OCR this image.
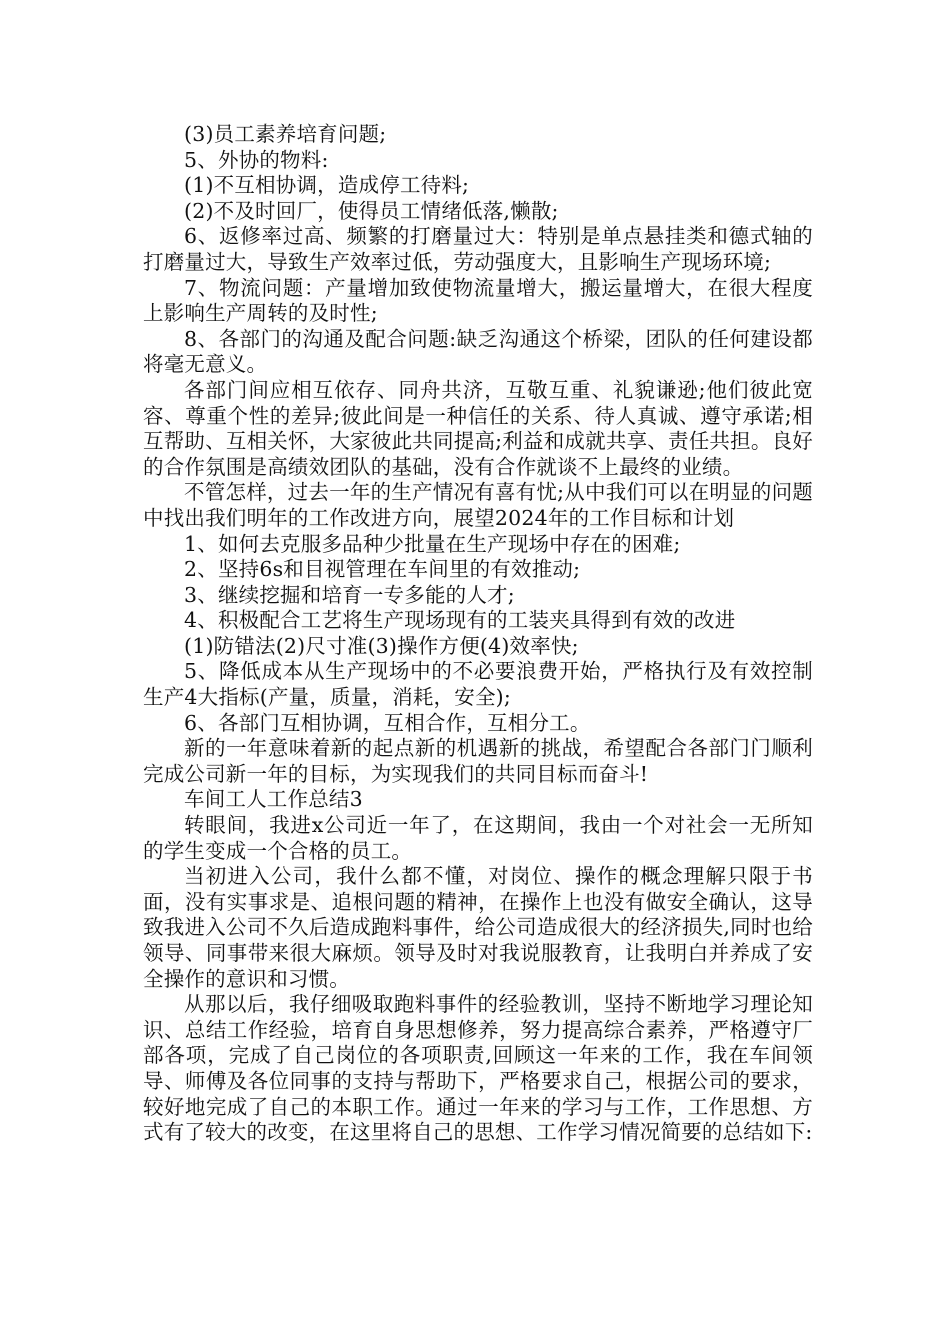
(3)员工素养培育问题;

5、外协的物料:

(1)不互相协调，造成停工待料;

(2)不及时回厂，使得员工情绪低落,懒散;

6、返修率过高、频繁的打磨量过大：特别是单点悬挂类和德式轴的打磨量过大，导致生产效率过低，劳动强度大，且影响生产现场环境;

7、物流问题：产量增加致使物流量增大，搬运量增大，在很大程度上影响生产周转的及时性;

8、各部门的沟通及配合问题:缺乏沟通这个桥梁，团队的任何建设都将毫无意义。

各部门间应相互依存、同舟共济，互敬互重、礼貌谦逊;他们彼此宽容、尊重个性的差异;彼此间是一种信任的关系、待人真诚、遵守承诺;相互帮助、互相关怀，大家彼此共同提高;利益和成就共享、责任共担。良好的合作氛围是高绩效团队的基础，没有合作就谈不上最终的业绩。

不管怎样，过去一年的生产情况有喜有忧;从中我们可以在明显的问题中找出我们明年的工作改进方向，展望2024年的工作目标和计划

1、如何去克服多品种少批量在生产现场中存在的困难;

2、坚持6s和目视管理在车间里的有效推动;

3、继续挖掘和培育一专多能的人才;

4、积极配合工艺将生产现场现有的工装夹具得到有效的改进

(1)防错法(2)尺寸准(3)操作方便(4)效率快;

5、降低成本从生产现场中的不必要浪费开始，严格执行及有效控制生产4大指标(产量，质量，消耗，安全);

6、各部门互相协调，互相合作，互相分工。

新的一年意味着新的起点新的机遇新的挑战，希望配合各部门门顺利完成公司新一年的目标，为实现我们的共同目标而奋斗!

车间工人工作总结3

转眼间，我进x公司近一年了，在这期间，我由一个对社会一无所知的学生变成一个合格的员工。

当初进入公司，我什么都不懂，对岗位、操作的概念理解只限于书面，没有实事求是、追根问题的精神，在操作上也没有做安全确认，这导致我进入公司不久后造成跑料事件，给公司造成很大的经济损失,同时也给领导、同事带来很大麻烦。领导及时对我说服教育，让我明白并养成了安全操作的意识和习惯。

从那以后，我仔细吸取跑料事件的经验教训，坚持不断地学习理论知识、总结工作经验，培育自身思想修养，努力提高综合素养，严格遵守厂部各项，完成了自己岗位的各项职责,回顾这一年来的工作，我在车间领导、师傅及各位同事的支持与帮助下，严格要求自己，根据公司的要求，较好地完成了自己的本职工作。通过一年来的学习与工作，工作思想、方式有了较大的改变，在这里将自己的思想、工作学习情况简要的总结如下:
